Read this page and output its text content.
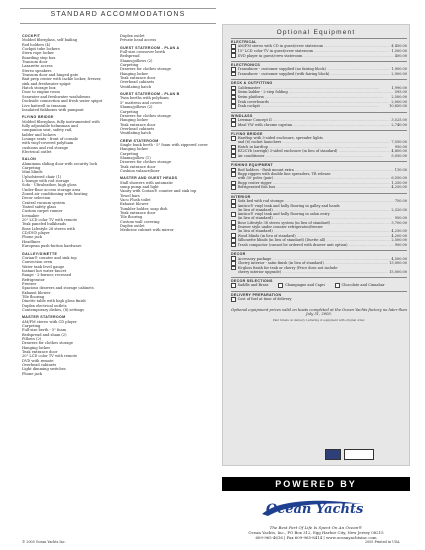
STANDARD ACCOMMODATIONS
COCKPIT
Molded fiberglass, self bailing
Rod holders (4)
Cockpit tube lockers
Stern rope locker
Boarding step box
Transom door
Lazarette access
Stereo speakers
Transom door and hinged gate
Bait prep center with tackle locker, freezer,
sink and freshwater spigot
Hatch storage box
Door to engine room
Seawater and freshwater washdowns
Dockside connection and fresh water spigot
Live baitwell in transom
Insulated fishboxes with pumpout
FLYING BRIDGE
Molded fiberglass, fully instrumented with
fully adjustable helmsman and
companion seat, safety rail,
ladder and lockers
Lounge seats - front of console
with vinyl-covered polyfoam
cushions and rod storage
Electrical outlet
SALON
Aluminum sliding door with security lock
Carpeting
Mini blinds
Upholstered chair (1)
L-lounge with rod storage
Sofa - Ultraleather, high gloss
Under-floor access storage area
Zoned air conditioning with heating
Decor selection
Central vacuum system
Tinted safety glass
Custom carpet runner
Icemaker
20" LCD color TV with remote
Teak paneled bulkheads
Bose Lifestyle 28 stereo with
CD/DVD player
Phone jack
Headliner
European push-button hardware
GALLEY/DINETTE
Corian® counter and sink top
Convection oven
Water tank level gauge
Instant hot water faucet
Range - 2-burner, recessed
Refrigerator
Freezer
Spacious drawers and storage cabinets
Exhaust blower
Tile flooring
Dinette table with high gloss finish
Duplex electrical outlets
Contemporary dishes, (8) settings
MASTER STATEROOM
AM/FM stereo with CD player
Carpeting
Full-size berth - 5" foam
Bedspread and sham (2)
Pillows (2)
Drawers for clothes storage
Hanging locker
Teak entrance door
20" LCD color TV with remote
DVD with remote
Overhead cabinets
Light dimming switches
Phone jack
Duplex outlet
Private head access
GUEST STATEROOM - PLAN A
Full-size crossover berth
Bedspread
Shams/pillows (2)
Carpeting
Drawers for clothes storage
Hanging locker
Teak entrance door
Overhead cabinets
Ventilating hatch
GUEST STATEROOM - PLAN B
Twin berths with polyfoam
5" mattress and covers
Shams/pillows (2)
Carpeting
Drawers for clothes storage
Hanging locker
Teak entrance door
Overhead cabinets
Ventilating hatch
CREW STATEROOM
Single bunk berth - 5" foam with zippered cover
Hanging locker
Carpeting
Shams/pillow (1)
Drawers for clothes storage
Teak entrance door
Cushion valance/liner
MASTER AND GUEST HEADS
Stall showers with automatic
sump pump and light
Vanity with Corian® counter and sink top
Towel bars
Vacu Flush toilet
Exhaust blower
Tumbler holder, soap dish
Teak entrance door
Tile flooring
Custom wall covering
Duplex outlet
Medicine cabinet with mirror
Optional Equipment
ELECTRICAL
AM/FM stereo with CD in guest/crew stateroom .....	$ 450.00
15" LCD color TV in guest/crew stateroom .....	1,500.00
DVD player in guest/crew stateroom .....	400.00
ELECTRONICS
Transducer - customer supplied (no fairing block) .....	1,900.00
Transducer - customer supplied (with fairing block) .....	2,900.00
DECK & OUTFITTING
Cablemaster .....	1,990.00
Swim ladder - 2-step folding .....	595.00
Swim platform .....	2,500.00
Teak coverboards .....	2,000.00
Teak cockpit .....	10,850.00
WINDLASS
Lewmar Concept II .....	3,525.00
Ideal VW with chrome capstan .....	2,740.00
FLYING BRIDGE
Hardtop with 3-sided enclosure, spreader lights
and (6) rocket launchers .....	7,550.00
Hatch in hardtop .....	950.00
EZ2CYb (aweigh) 3-sided enclosure (in lieu of standard) .....	4,800.00
Air conditioner .....	5,050.00
FISHING EQUIPMENT
Rod holders - flush mount extra .....	110.00
Rupp riggers with double line spreaders, TR release
with 30' poles (pair) .....	6,550.00
Rupp center rigger .....	1,250.00
Refrigerated fish box .....	4,250.00
INTERIOR
Sofa bed with rod storage .....	750.00
Amtico® vinyl teak and holly flooring in galley and heads
(in lieu of standard) .....	2,320.00
Amtico® vinyl teak and holly flooring in salon entry
(in lieu of standard) .....	950.00
Bose Lifestyle 38 stereo system (in lieu of standard) .....	3,700.00
Drawer style under counter refrigerator/freezer
(in lieu of standard) .....	4,250.00
Wood blinds (in lieu of standard) .....	4,200.00
Silhouette blinds (in lieu of standard) (Duette all) .....	2,500.00
Trash compactor (cannot be ordered with drawer unit option) .....	900.00
DECOR
Accessory package .....	4,500.00
Cherry interior - satin finish (in lieu of standard) .....	13,000.00
Hi-gloss finish for teak or cherry (Price does not include
cherry interior upgrade) .....	15,000.00
DECOR SELECTIONS
Saddle and Brass	Champagne and Capri	Chocolate and Cinnabar
DELIVERY PREPARATION
Cost of fuel at time of delivery
Optional equipment prices valid on boats completed at the Ocean Yachts factory no later than July 31, 2005.
Paid tickets on delivery. Lettering of equipment with original order.
POWERED BY
Ocean Yachts
The Best Part Of Life Is Spent On An Ocean®
Ocean Yachts, Inc., PO Box 312, Egg Harbor City, New Jersey 08215
609-965-4616 | Fax 609-965-8414 | www.oceanyachtsinc.com
© 2005 Ocean Yachts Inc.	2005 Printed in USA
